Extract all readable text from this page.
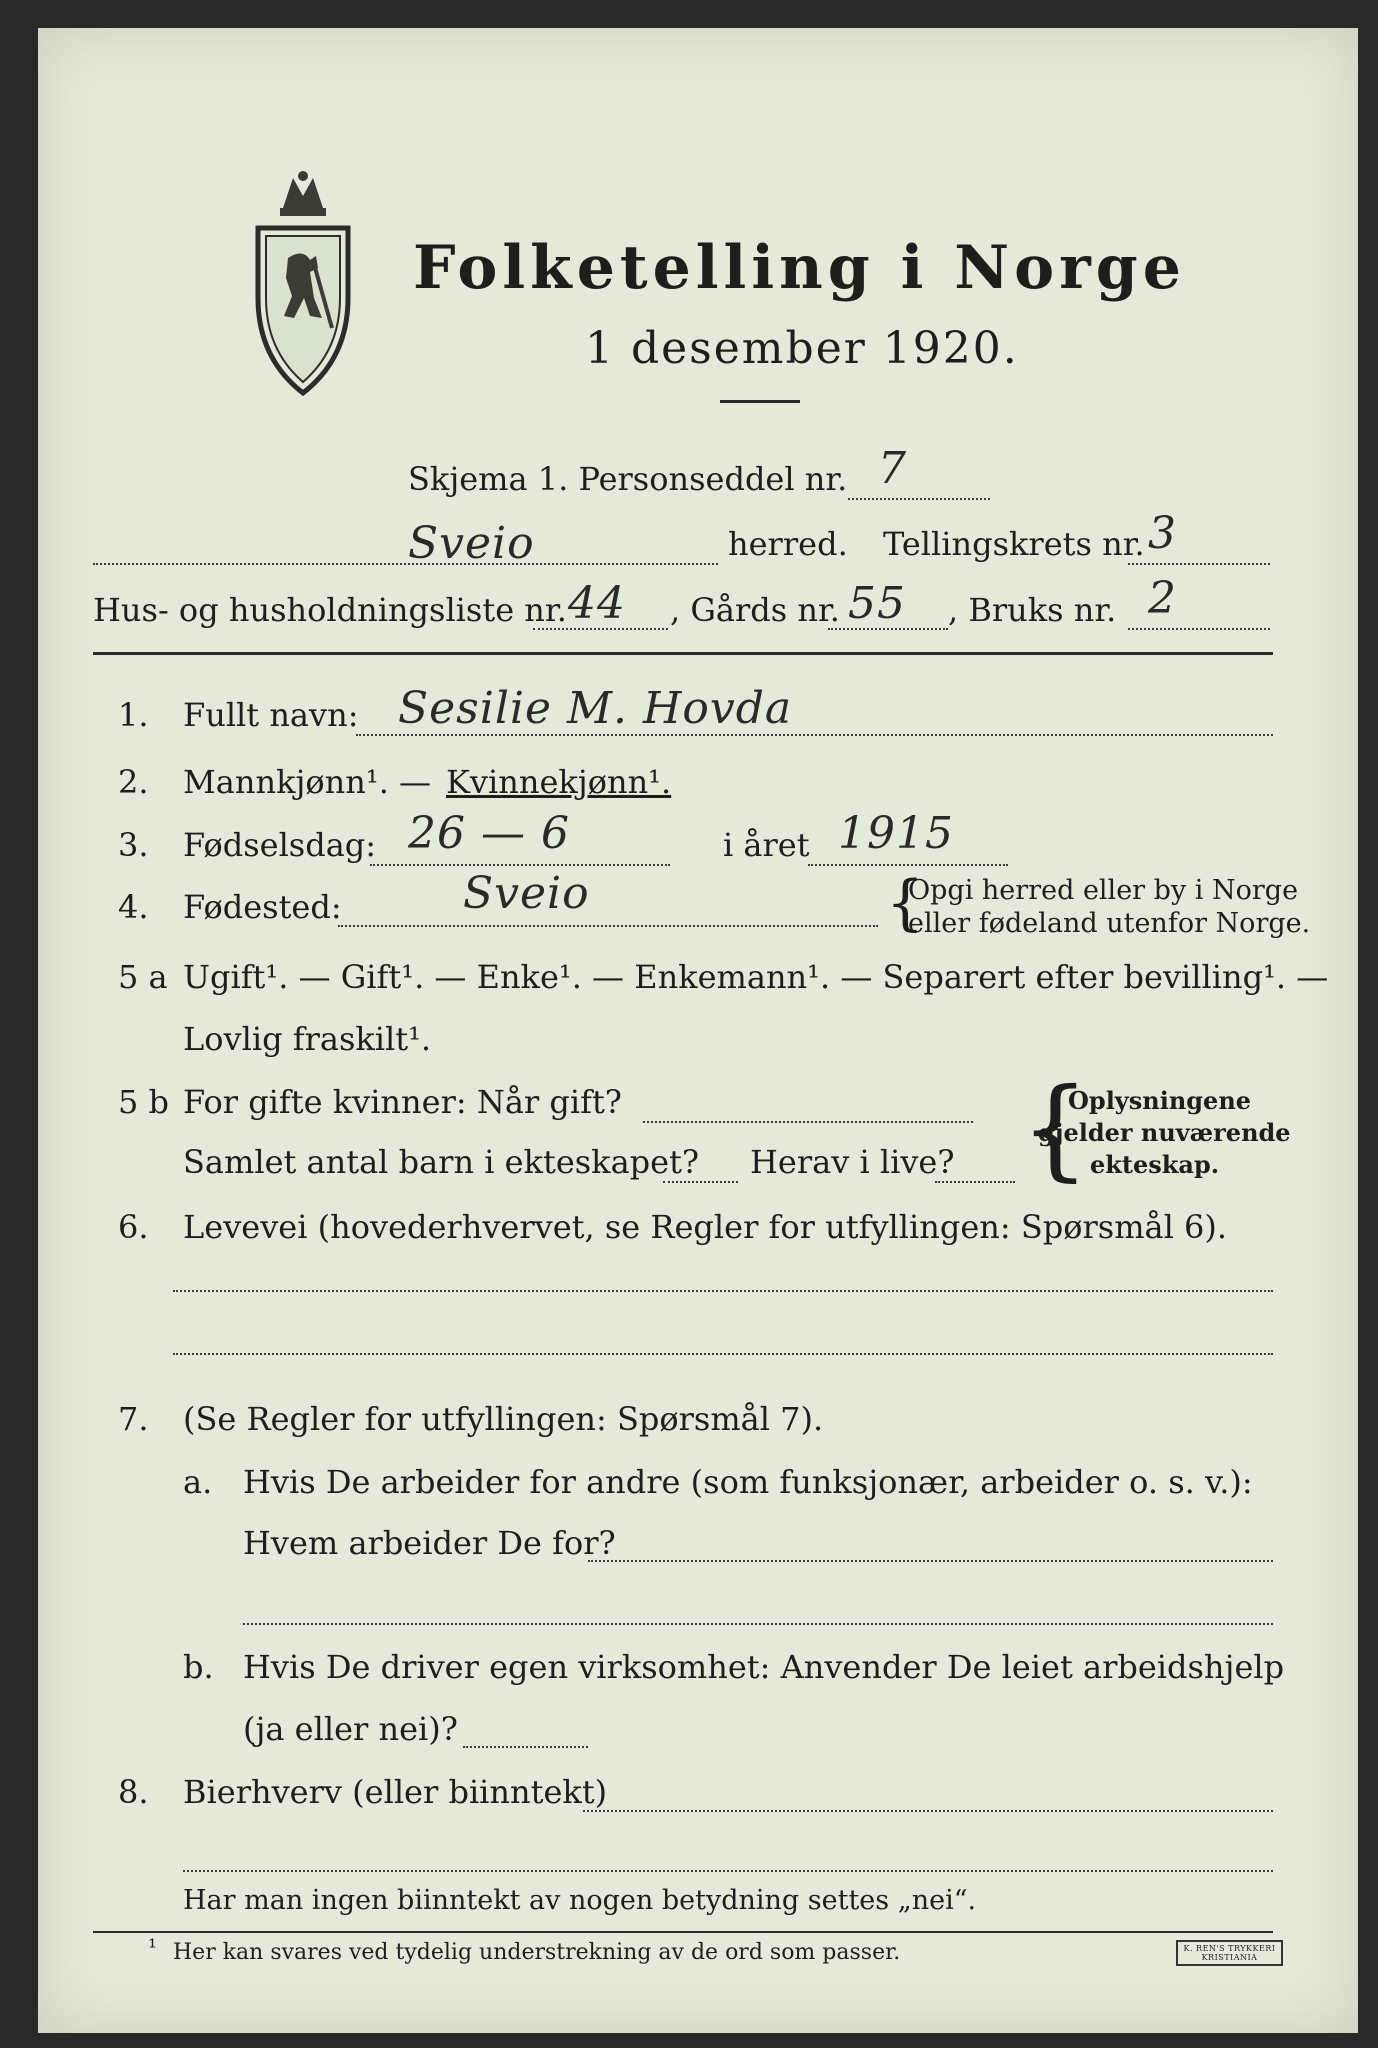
Folketelling i Norge
1 desember 1920.
Skjema 1. Personseddel nr. 7
Sveio	herred. Tellingskrets nr. 3
Hus- og husholdningsliste nr. 44 , Gårds nr. 55 , Bruks nr. 2
1. Fullt navn: Sesilie M. Hovda
2. Mannkjønn¹. — Kvinnekjønn¹.
3. Fødselsdag: 26 — 6	i året 1915
4. Fødested:	Sveio	{
Opgi herred eller by i Norge
eller fødeland utenfor Norge.
5 a Ugift¹. — Gift¹. — Enke¹. — Enkemann¹. — Separert efter bevilling¹. —
Lovlig fraskilt¹.
5 b For gifte kvinner: Når gift?
Samlet antal barn i ekteskapet? Herav i live? {
Oplysningene
gjelder nuværende
ekteskap.
6. Levevei (hovederhvervet, se Regler for utfyllingen: Spørsmål 6).
7. (Se Regler for utfyllingen: Spørsmål 7).
a. Hvis De arbeider for andre (som funksjonær, arbeider o. s. v.):
Hvem arbeider De for?
b. Hvis De driver egen virksomhet: Anvender De leiet arbeidshjelp
(ja eller nei)?
8. Bierhverv (eller biinntekt)
Har man ingen biinntekt av nogen betydning settes „nei“.
¹ Her kan svares ved tydelig understrekning av de ord som passer.	K. REN'S TRYKKERI KRISTIANIA
